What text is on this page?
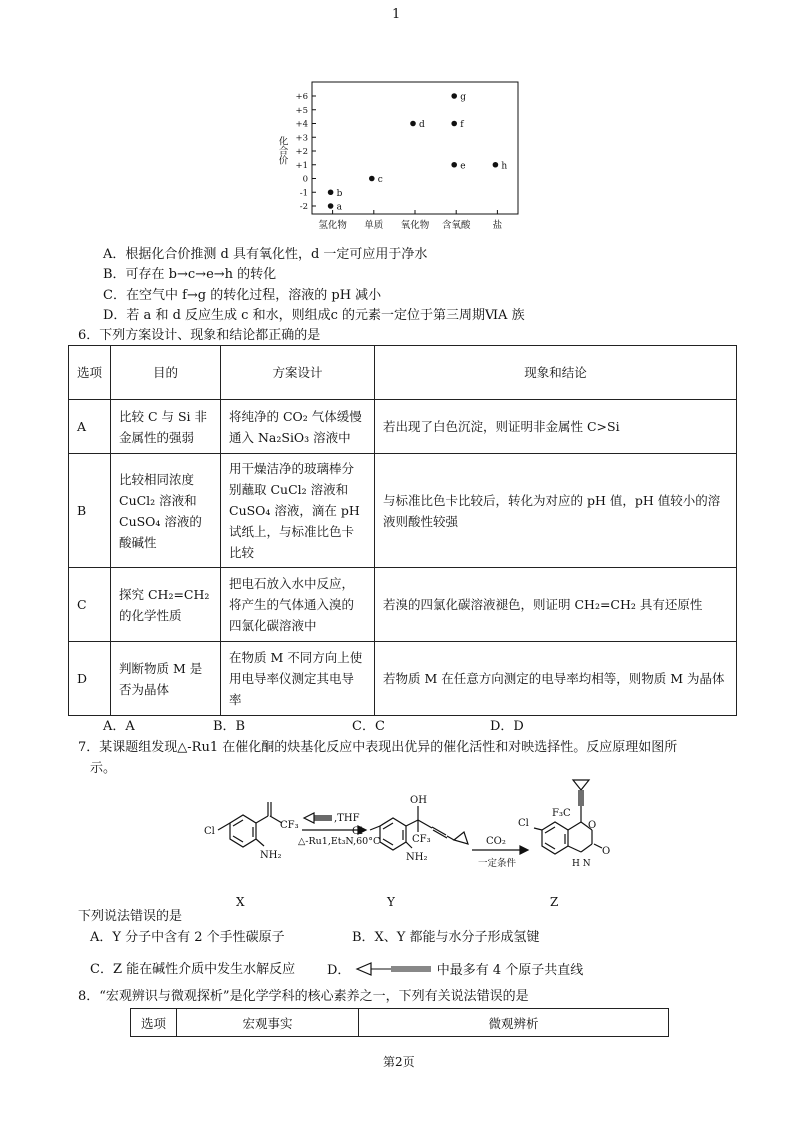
1
+6
+5
+4
+3
+2
+1
0
-1
-2
氢化物 单质 氧化物 含氧酸 盐
化合价
a
b
c
d
e
f
g
h
A．根据化合价推测 d 具有氧化性，d 一定可应用于净水
B．可存在 b→c→e→h 的转化
C．在空气中 f→g 的转化过程，溶液的 pH 减小
D．若 a 和 d 反应生成 c 和水，则组成c 的元素一定位于第三周期ⅥA 族
6．下列方案设计、现象和结论都正确的是
选项	目的	方案设计	现象和结论
A	比较 C 与 Si 非金属性的强弱	将纯净的 CO₂ 气体缓慢通入 Na₂SiO₃ 溶液中	若出现了白色沉淀，则证明非金属性 C>Si
B	比较相同浓度 CuCl₂ 溶液和 CuSO₄ 溶液的酸碱性	用干燥洁净的玻璃棒分别蘸取 CuCl₂ 溶液和 CuSO₄ 溶液，滴在 pH 试纸上，与标准比色卡比较	与标准比色卡比较后，转化为对应的 pH 值，pH 值较小的溶液则酸性较强
C	探究 CH₂=CH₂ 的化学性质	把电石放入水中反应，将产生的气体通入溴的四氯化碳溶液中	若溴的四氯化碳溶液褪色，则证明 CH₂=CH₂ 具有还原性
D	判断物质 M 是否为晶体	在物质 M 不同方向上使用电导率仪测定其电导率	若物质 M 在任意方向测定的电导率均相等，则物质 M 为晶体
A．A	B．B	C．C	D．D
7．某课题组发现△-Ru1 在催化酮的炔基化反应中表现出优异的催化活性和对映选择性。反应原理如图所
示。
Cl
CF₃
NH₂
X
,THF
△-Ru1,Et₃N,60°C
Cl
OH
CF₃
NH₂
Y
CO₂
一定条件
Cl
F₃C
O
O
H N
Z
下列说法错误的是
A．Y 分子中含有 2 个手性碳原子	B．X、Y 都能与水分子形成氢键
C．Z 能在碱性介质中发生水解反应 D．	中最多有 4 个原子共直线
8．“宏观辨识与微观探析”是化学学科的核心素养之一，下列有关说法错误的是
选项	宏观事实	微观辨析
第2页
